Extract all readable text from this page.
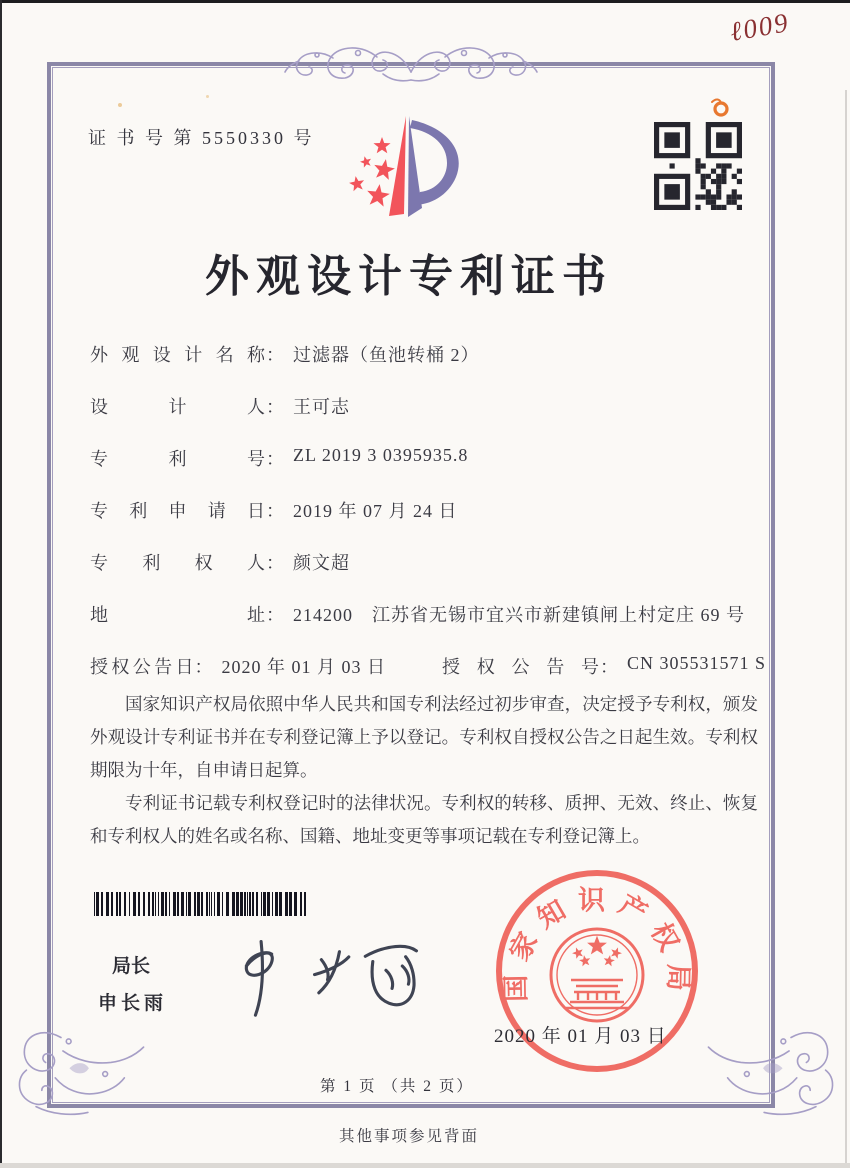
ℓ009
证 书 号 第 5550330 号
外观设计专利证书
外观设计名称 ： 过滤器（鱼池转桶 2）
设计人 ： 王可志
专利号 ： ZL 2019 3 0395935.8
专利申请日 ： 2019 年 07 月 24 日
专利权人 ： 颜文超
地址 ： 214200　江苏省无锡市宜兴市新建镇闸上村定庄 69 号
授权公告日 ： 2020 年 01 月 03 日	授权公告号 ： CN 305531571 S

国家知识产权局依照中华人民共和国专利法经过初步审查，决定授予专利权，颁发外观设计专利证书并在专利登记簿上予以登记。专利权自授权公告之日起生效。专利权期限为十年，自申请日起算。

专利证书记载专利权登记时的法律状况。专利权的转移、质押、无效、终止、恢复和专利权人的姓名或名称、国籍、地址变更等事项记载在专利登记簿上。

局长
申长雨
国家知识产权局
2020 年 01 月 03 日
第 1 页 （共 2 页）
其他事项参见背面
